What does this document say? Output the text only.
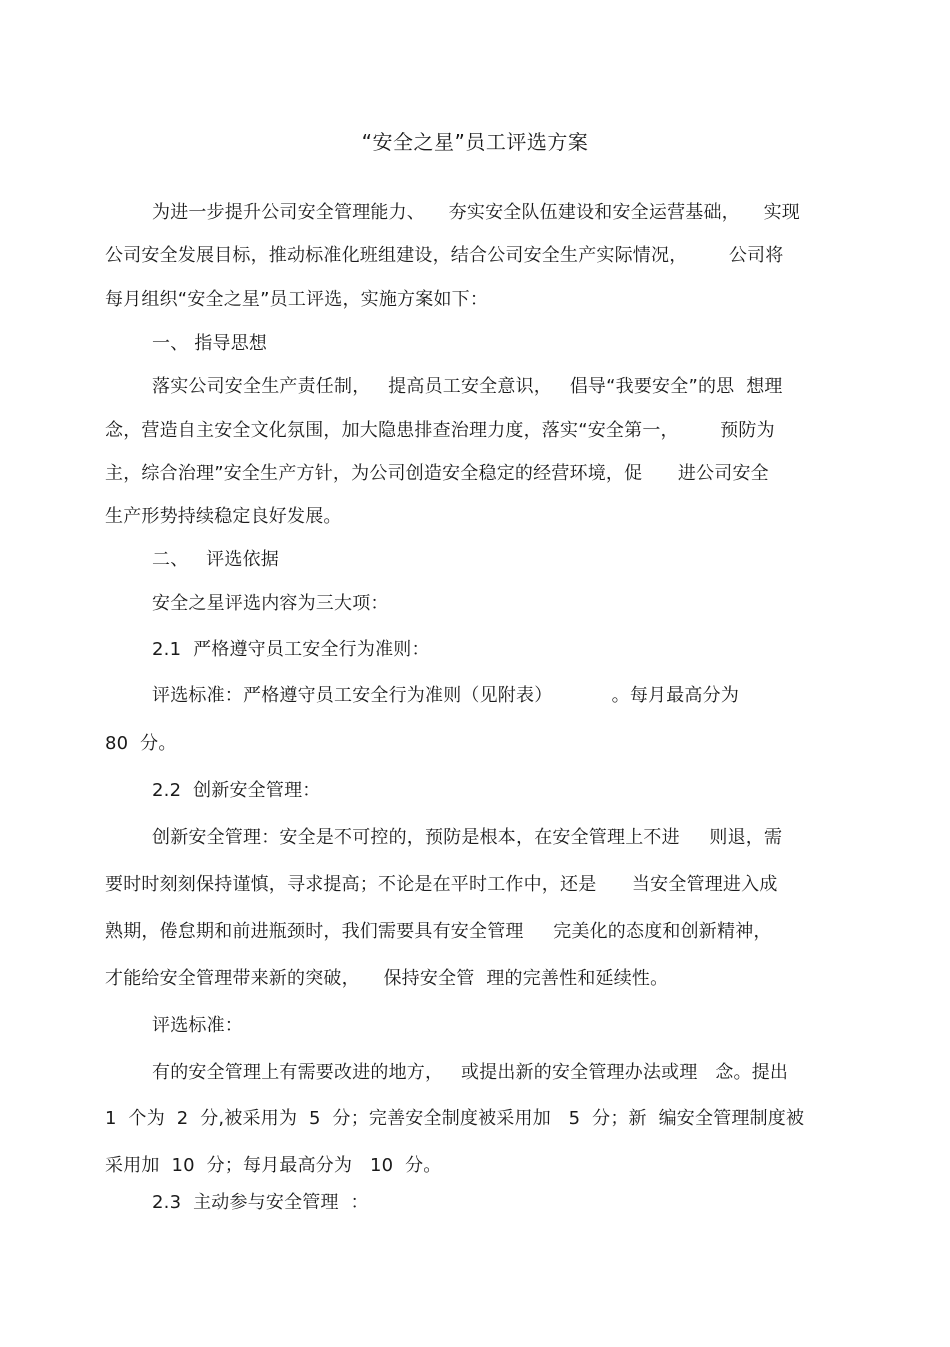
“安全之星”员工评选方案
为进一步提升公司安全管理能力、    夯实安全队伍建设和安全运营基础，    实现
公司安全发展目标，推动标准化班组建设，结合公司安全生产实际情况，       公司将
每月组织“安全之星”员工评选，实施方案如下：
一、 指导思想
落实公司安全生产责任制，   提高员工安全意识，   倡导“我要安全”的思  想理
念，营造自主安全文化氛围，加大隐患排查治理力度，落实“安全第一，       预防为
主，综合治理”安全生产方针，为公司创造安全稳定的经营环境，促      进公司安全
生产形势持续稳定良好发展。
二、   评选依据
安全之星评选内容为三大项：
2.1  严格遵守员工安全行为准则：
评选标准：严格遵守员工安全行为准则（见附表）          。每月最高分为
80  分。
2.2  创新安全管理：
创新安全管理：安全是不可控的，预防是根本，在安全管理上不进     则退，需
要时时刻刻保持谨慎，寻求提高；不论是在平时工作中，还是      当安全管理进入成
熟期，倦怠期和前进瓶颈时，我们需要具有安全管理     完美化的态度和创新精神，
才能给安全管理带来新的突破，    保持安全管  理的完善性和延续性。
评选标准：
有的安全管理上有需要改进的地方，   或提出新的安全管理办法或理   念。提出
1  个为  2  分,被采用为  5  分；完善安全制度被采用加   5  分；新  编安全管理制度被
采用加  10  分；每月最高分为   10  分。
2.3  主动参与安全管理  ：
